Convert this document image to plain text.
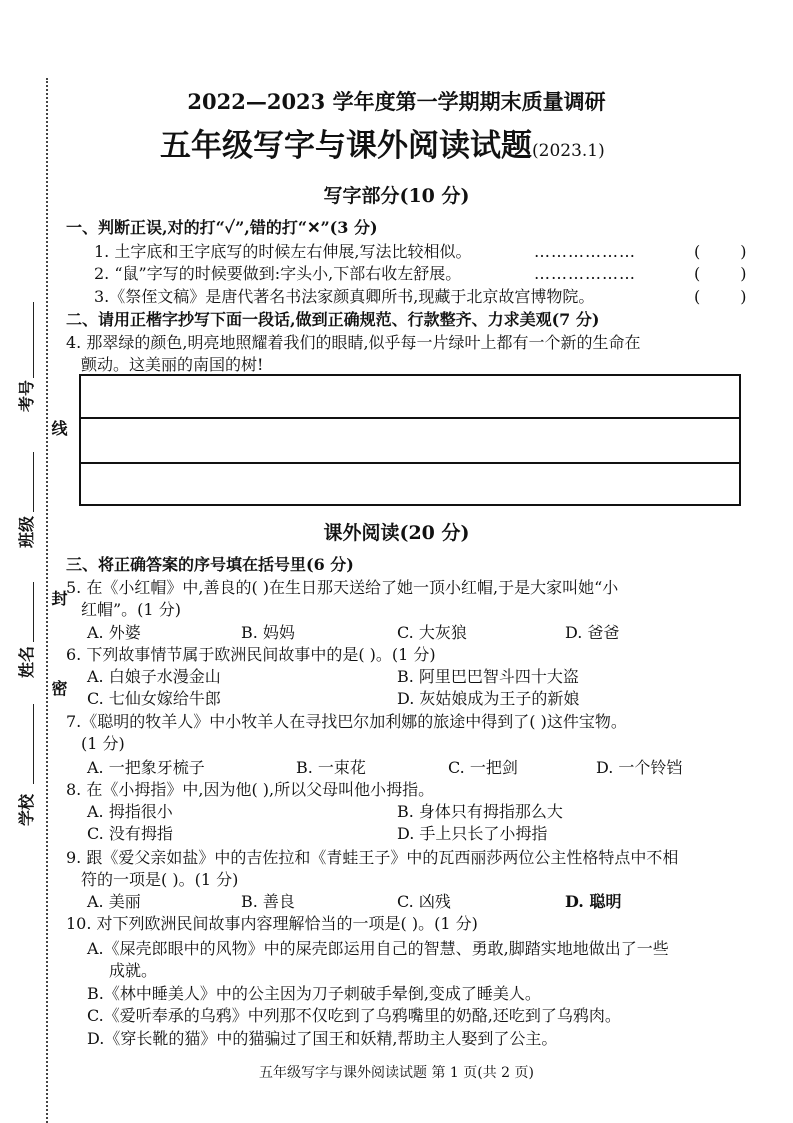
线
封
密
考号
班级
姓名
学校
2022—2023 学年度第一学期期末质量调研
五年级写字与课外阅读试题(2023.1)
写字部分(10 分)
一、判断正误,对的打“✓”,错的打“✕”(3 分)
1. 土字底和王字底写的时候左右伸展,写法比较相似。	………………	(	)
2. “鼠”字写的时候要做到:字头小,下部右收左舒展。	………………	(	)
3.《祭侄文稿》是唐代著名书法家颜真卿所书,现藏于北京故宫博物院。	(	)
二、请用正楷字抄写下面一段话,做到正确规范、行款整齐、力求美观(7 分)
4. 那翠绿的颜色,明亮地照耀着我们的眼睛,似乎每一片绿叶上都有一个新的生命在
颤动。这美丽的南国的树!
课外阅读(20 分)
三、将正确答案的序号填在括号里(6 分)
5. 在《小红帽》中,善良的( )在生日那天送给了她一顶小红帽,于是大家叫她“小
红帽”。(1 分)
A. 外婆	B. 妈妈	C. 大灰狼	D. 爸爸
6. 下列故事情节属于欧洲民间故事中的是( )。(1 分)
A. 白娘子水漫金山	B. 阿里巴巴智斗四十大盗
C. 七仙女嫁给牛郎	D. 灰姑娘成为王子的新娘
7.《聪明的牧羊人》中小牧羊人在寻找巴尔加利娜的旅途中得到了( )这件宝物。
(1 分)
A. 一把象牙梳子	B. 一束花	C. 一把剑	D. 一个铃铛
8. 在《小拇指》中,因为他( ),所以父母叫他小拇指。
A. 拇指很小	B. 身体只有拇指那么大
C. 没有拇指	D. 手上只长了小拇指
9. 跟《爱父亲如盐》中的吉佐拉和《青蛙王子》中的瓦西丽莎两位公主性格特点中不相
符的一项是( )。(1 分)
A. 美丽	B. 善良	C. 凶残	D. 聪明
10. 对下列欧洲民间故事内容理解恰当的一项是( )。(1 分)
A.《屎壳郎眼中的风物》中的屎壳郎运用自己的智慧、勇敢,脚踏实地地做出了一些
成就。
B.《林中睡美人》中的公主因为刀子刺破手晕倒,变成了睡美人。
C.《爱听奉承的乌鸦》中列那不仅吃到了乌鸦嘴里的奶酪,还吃到了乌鸦肉。
D.《穿长靴的猫》中的猫骗过了国王和妖精,帮助主人娶到了公主。
五年级写字与课外阅读试题 第 1 页(共 2 页)
